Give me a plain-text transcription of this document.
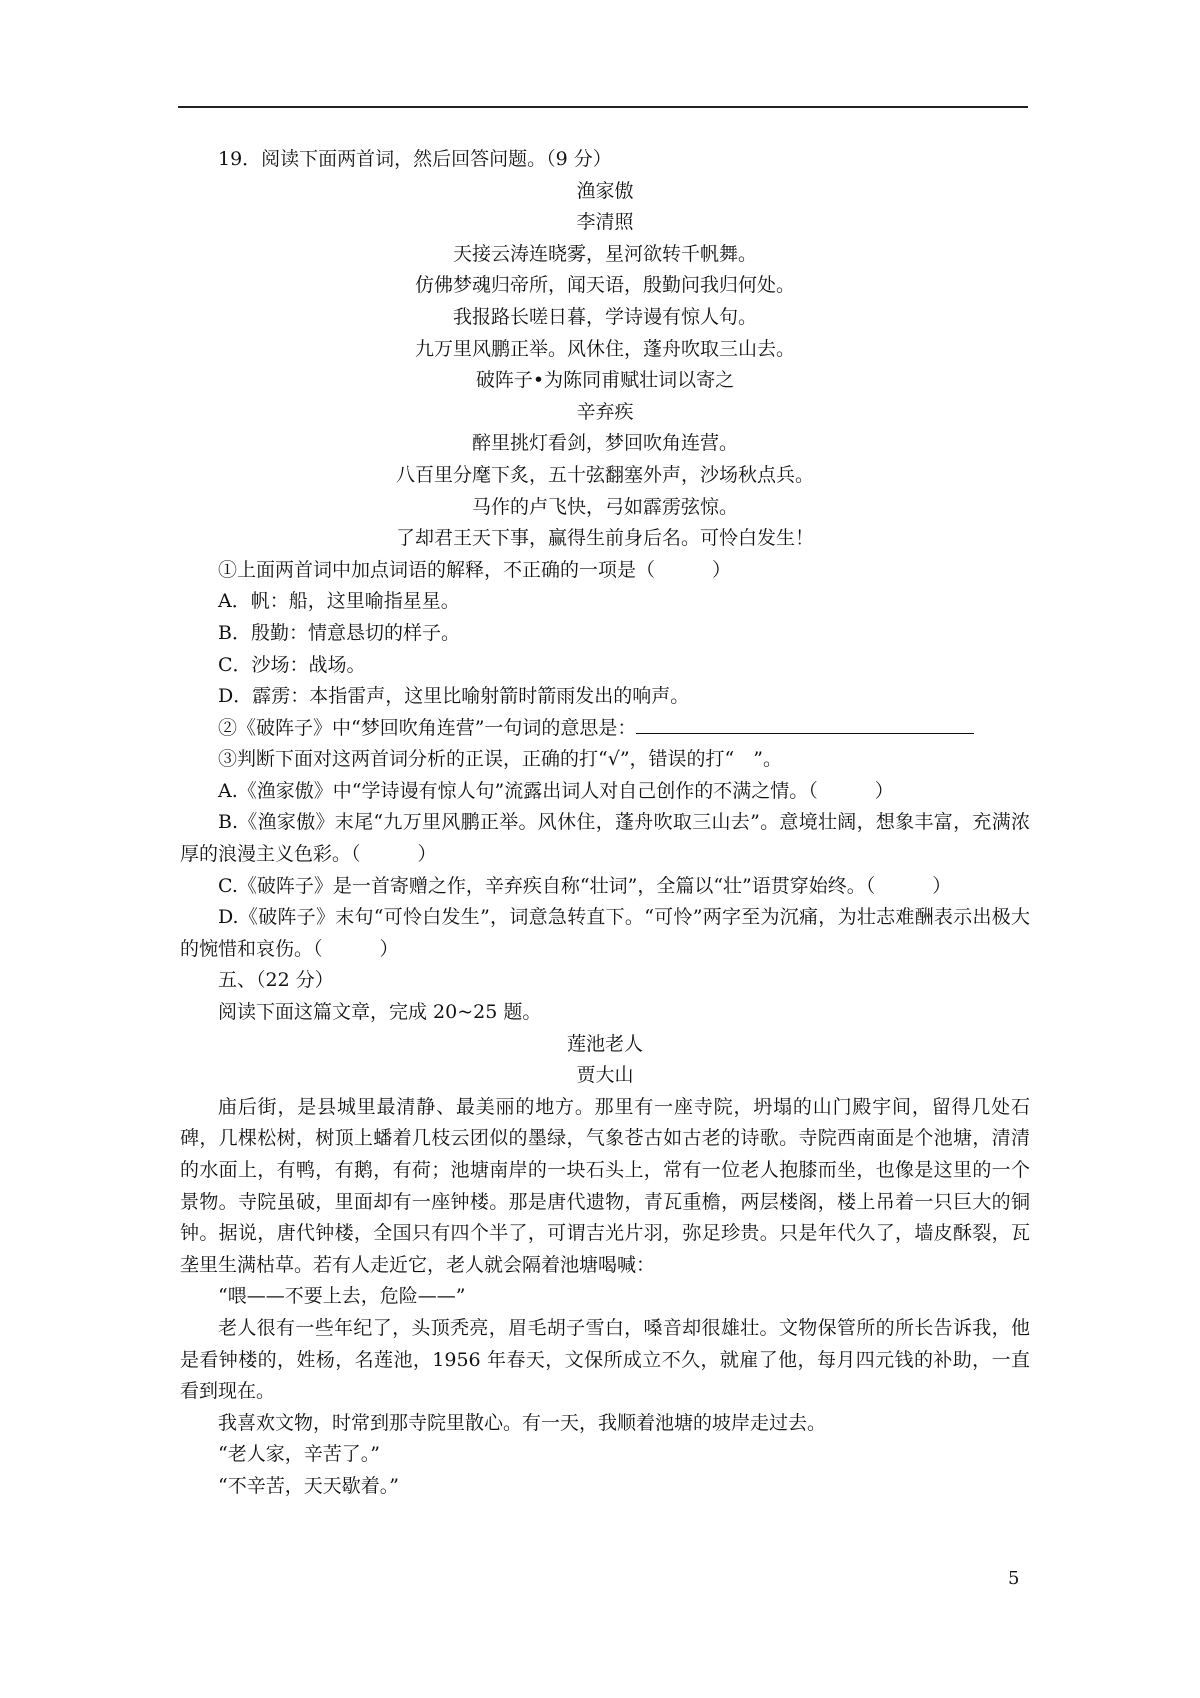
19．阅读下面两首词，然后回答问题。（9 分）

渔家傲

李清照

天接云涛连晓雾，星河欲转千帆舞。

仿佛梦魂归帝所，闻天语，殷勤问我归何处。

我报路长嗟日暮，学诗谩有惊人句。

九万里风鹏正举。风休住，蓬舟吹取三山去。

破阵子•为陈同甫赋壮词以寄之

辛弃疾

醉里挑灯看剑，梦回吹角连营。

八百里分麾下炙，五十弦翻塞外声，沙场秋点兵。

马作的卢飞快，弓如霹雳弦惊。

了却君王天下事，赢得生前身后名。可怜白发生！

①上面两首词中加点词语的解释，不正确的一项是（　　　）

A．帆：船，这里喻指星星。

B．殷勤：情意恳切的样子。

C．沙场：战场。

D．霹雳：本指雷声，这里比喻射箭时箭雨发出的响声。

②《破阵子》中“梦回吹角连营”一句词的意思是：

③判断下面对这两首词分析的正误，正确的打“√”，错误的打“　”。

A.《渔家傲》中“学诗谩有惊人句”流露出词人对自己创作的不满之情。（　　　）

B.《渔家傲》末尾“九万里风鹏正举。风休住，蓬舟吹取三山去”。意境壮阔，想象丰富，充满浓厚的浪漫主义色彩。（　　　）

C.《破阵子》是一首寄赠之作，辛弃疾自称“壮词”，全篇以“壮”语贯穿始终。（　　　）

D.《破阵子》末句“可怜白发生”，词意急转直下。“可怜”两字至为沉痛，为壮志难酬表示出极大的惋惜和哀伤。（　　　）

五、（22 分）

阅读下面这篇文章，完成 20~25 题。

莲池老人

贾大山

庙后街，是县城里最清静、最美丽的地方。那里有一座寺院，坍塌的山门殿宇间，留得几处石碑，几棵松树，树顶上蟠着几枝云团似的墨绿，气象苍古如古老的诗歌。寺院西南面是个池塘，清清的水面上，有鸭，有鹅，有荷；池塘南岸的一块石头上，常有一位老人抱膝而坐，也像是这里的一个景物。寺院虽破，里面却有一座钟楼。那是唐代遗物，青瓦重檐，两层楼阁，楼上吊着一只巨大的铜钟。据说，唐代钟楼，全国只有四个半了，可谓吉光片羽，弥足珍贵。只是年代久了，墙皮酥裂，瓦垄里生满枯草。若有人走近它，老人就会隔着池塘喝喊：

“喂——不要上去，危险——”

老人很有一些年纪了，头顶秃亮，眉毛胡子雪白，嗓音却很雄壮。文物保管所的所长告诉我，他是看钟楼的，姓杨，名莲池，1956 年春天，文保所成立不久，就雇了他，每月四元钱的补助，一直看到现在。

我喜欢文物，时常到那寺院里散心。有一天，我顺着池塘的坡岸走过去。

“老人家，辛苦了。”

“不辛苦，天天歇着。”

5
